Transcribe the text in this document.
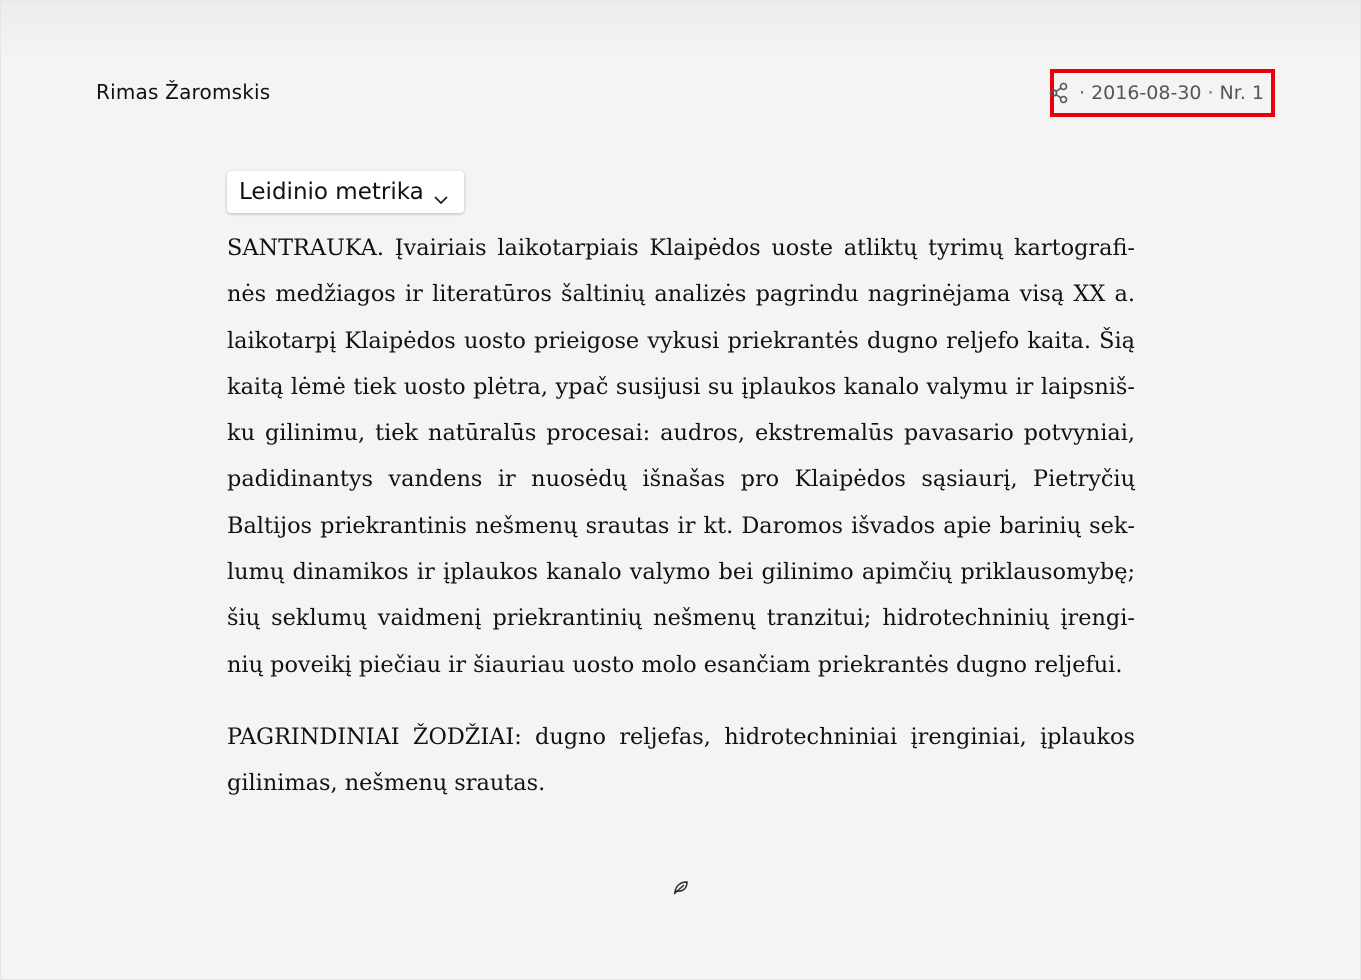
Rimas Žaromskis	· 2016-08-30 · Nr. 1
Leidinio metrika

SANTRAUKA. Įvairiais laikotarpiais Klaipėdos uoste atliktų tyrimų kartografinės medžiagos ir literatūros šaltinių analizės pagrindu nagrinėjama visą XX a. laikotarpį Klaipėdos uosto prieigose vykusi priekrantės dugno reljefo kaita. Šią kaitą lėmė tiek uosto plėtra, ypač susijusi su įplaukos kanalo valymu ir laipsnišku gilinimu, tiek natūralūs procesai: audros, ekstremalūs pavasario potvyniai, padidinantys vandens ir nuosėdų išnašas pro Klaipėdos sąsiaurį, Pietryčių Baltijos priekrantinis nešmenų srautas ir kt. Daromos išvados apie barinių seklumų dinamikos ir įplaukos kanalo valymo bei gilinimo apimčių priklausomybę; šių seklumų vaidmenį priekrantinių nešmenų tranzitui; hidrotechninių įrenginių poveikį piečiau ir šiauriau uosto molo esančiam priekrantės dugno reljefui.

PAGRINDINIAI ŽODŽIAI: dugno reljefas, hidrotechniniai įrenginiai, įplaukos gilinimas, nešmenų srautas.
